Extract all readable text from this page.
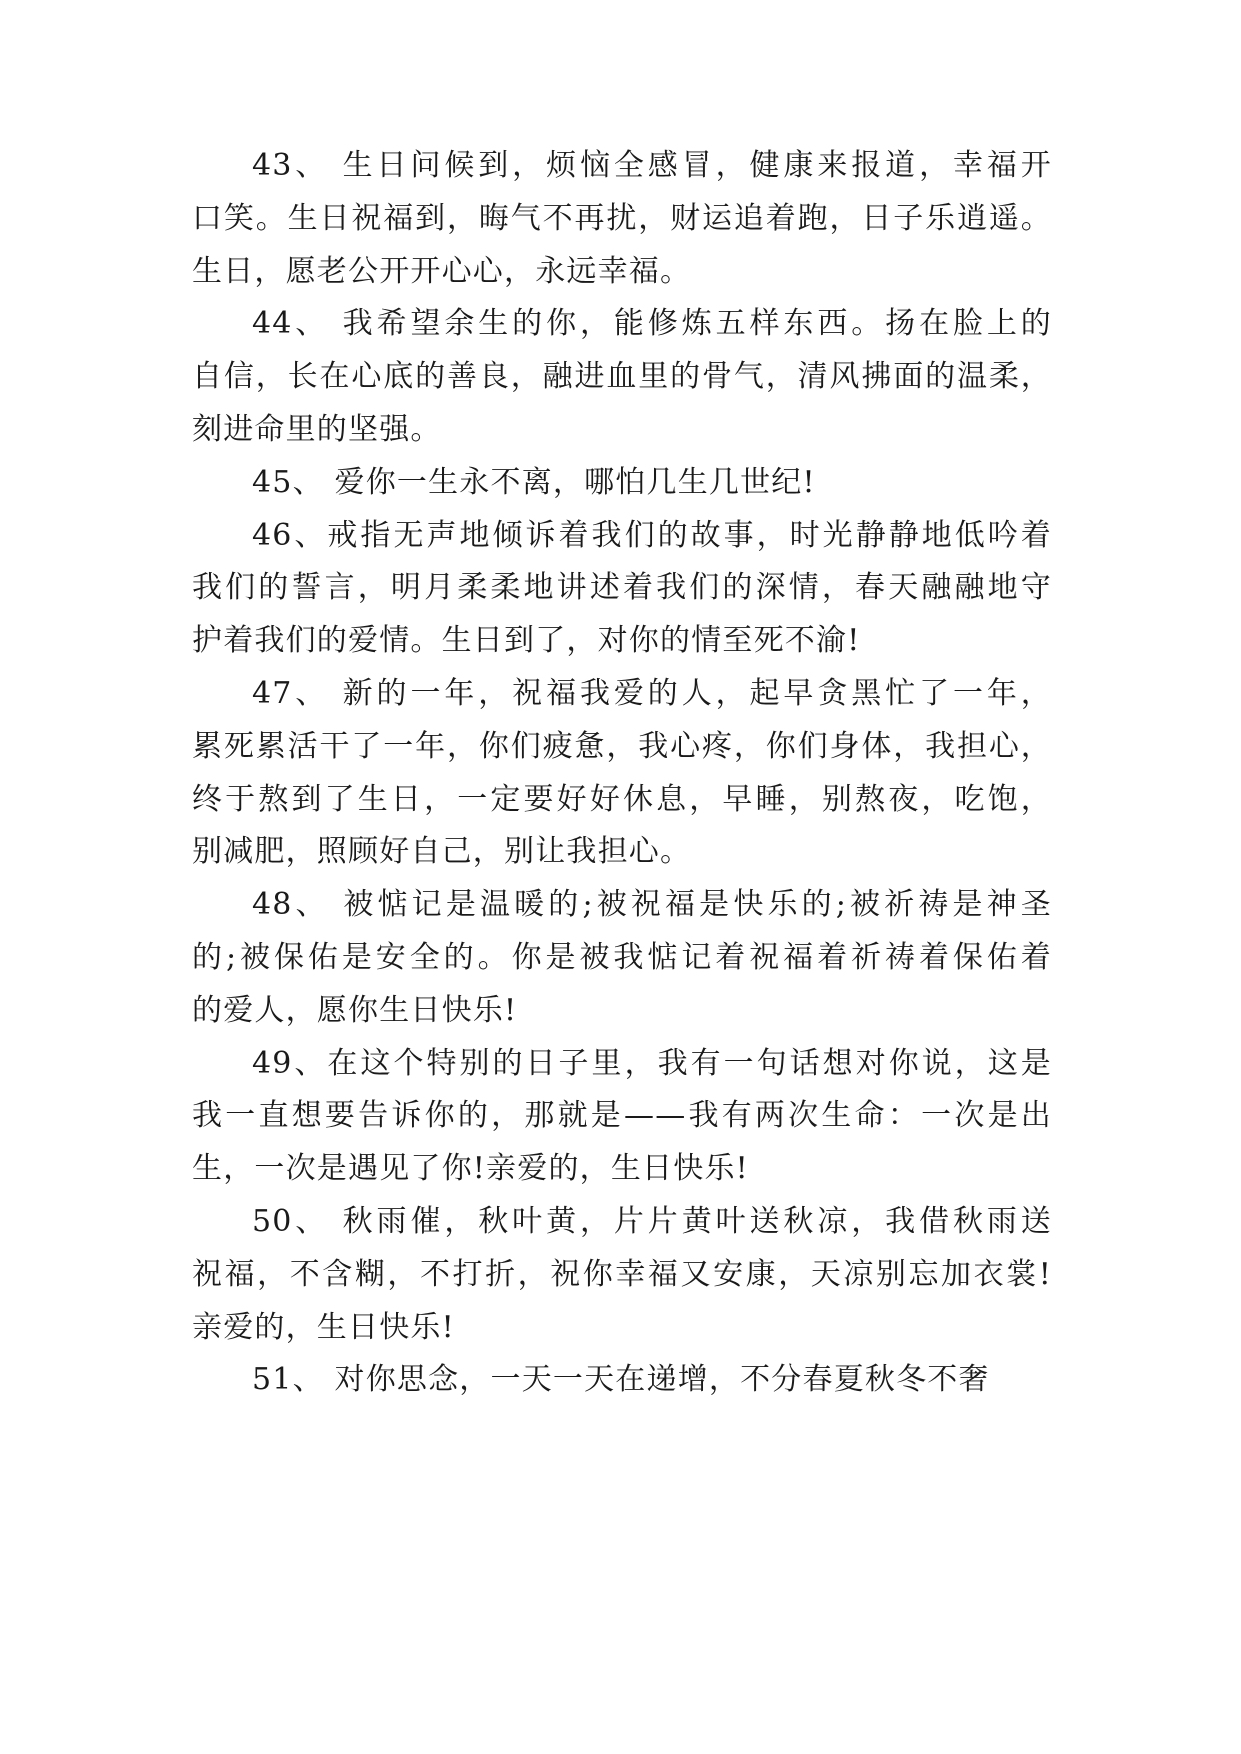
43、 生日问候到，烦恼全感冒，健康来报道，幸福开
口笑。生日祝福到，晦气不再扰，财运追着跑，日子乐逍遥。
生日，愿老公开开心心，永远幸福。
44、 我希望余生的你，能修炼五样东西。扬在脸上的
自信，长在心底的善良，融进血里的骨气，清风拂面的温柔，
刻进命里的坚强。
45、 爱你一生永不离，哪怕几生几世纪!
46、戒指无声地倾诉着我们的故事，时光静静地低吟着
我们的誓言，明月柔柔地讲述着我们的深情，春天融融地守
护着我们的爱情。生日到了，对你的情至死不渝!
47、 新的一年，祝福我爱的人，起早贪黑忙了一年，
累死累活干了一年，你们疲惫，我心疼，你们身体，我担心，
终于熬到了生日，一定要好好休息，早睡，别熬夜，吃饱，
别减肥，照顾好自己，别让我担心。
48、 被惦记是温暖的;被祝福是快乐的;被祈祷是神圣
的;被保佑是安全的。你是被我惦记着祝福着祈祷着保佑着
的爱人，愿你生日快乐!
49、在这个特别的日子里，我有一句话想对你说，这是
我一直想要告诉你的，那就是——我有两次生命：一次是出
生，一次是遇见了你!亲爱的，生日快乐!
50、 秋雨催，秋叶黄，片片黄叶送秋凉，我借秋雨送
祝福，不含糊，不打折，祝你幸福又安康，天凉别忘加衣裳!
亲爱的，生日快乐!
51、 对你思念，一天一天在递增，不分春夏秋冬不奢
